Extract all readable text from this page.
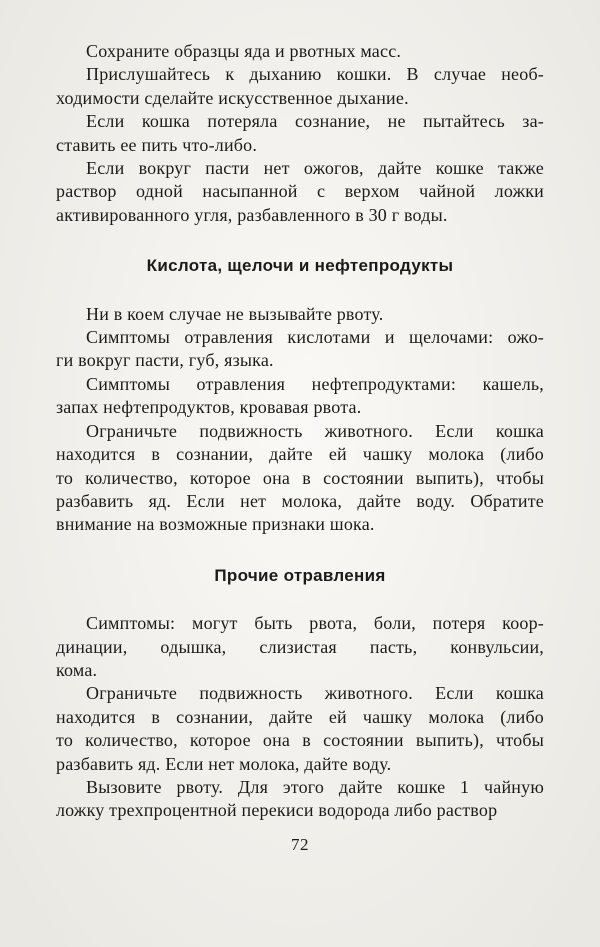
Сохраните образцы яда и рвотных масс.
Прислушайтесь к дыханию кошки. В случае необ-
ходимости сделайте искусственное дыхание.
Если кошка потеряла сознание, не пытайтесь за-
ставить ее пить что-либо.
Если вокруг пасти нет ожогов, дайте кошке также
раствор одной насыпанной с верхом чайной ложки
активированного угля, разбавленного в 30 г воды.
Кислота, щелочи и нефтепродукты
Ни в коем случае не вызывайте рвоту.
Симптомы отравления кислотами и щелочами: ожо-
ги вокруг пасти, губ, языка.
Симптомы отравления нефтепродуктами: кашель,
запах нефтепродуктов, кровавая рвота.
Ограничьте подвижность животного. Если кошка
находится в сознании, дайте ей чашку молока (либо
то количество, которое она в состоянии выпить), чтобы
разбавить яд. Если нет молока, дайте воду. Обратите
внимание на возможные признаки шока.
Прочие отравления
Симптомы: могут быть рвота, боли, потеря коор-
динации, одышка, слизистая пасть, конвульсии,
кома.
Ограничьте подвижность животного. Если кошка
находится в сознании, дайте ей чашку молока (либо
то количество, которое она в состоянии выпить), чтобы
разбавить яд. Если нет молока, дайте воду.
Вызовите рвоту. Для этого дайте кошке 1 чайную
ложку трехпроцентной перекиси водорода либо раствор
72
